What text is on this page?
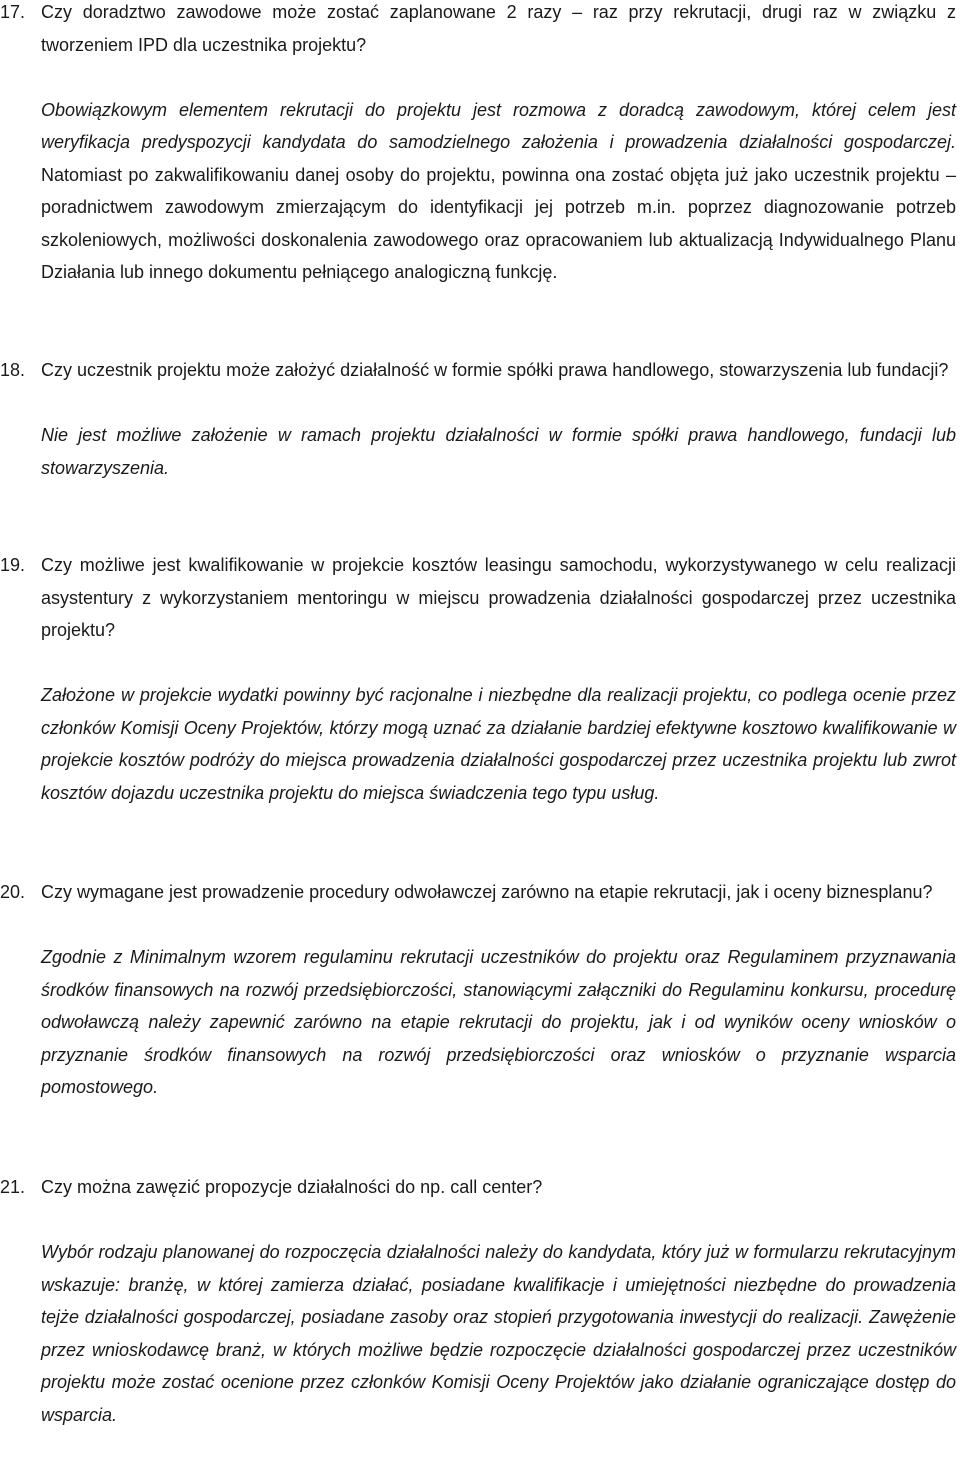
17. Czy doradztwo zawodowe może zostać zaplanowane 2 razy – raz przy rekrutacji, drugi raz w związku z tworzeniem IPD dla uczestnika projektu?
Obowiązkowym elementem rekrutacji do projektu jest rozmowa z doradcą zawodowym, której celem jest weryfikacja predyspozycji kandydata do samodzielnego założenia i prowadzenia działalności gospodarczej. Natomiast po zakwalifikowaniu danej osoby do projektu, powinna ona zostać objęta już jako uczestnik projektu – poradnictwem zawodowym zmierzającym do identyfikacji jej potrzeb m.in. poprzez diagnozowanie potrzeb szkoleniowych, możliwości doskonalenia zawodowego oraz opracowaniem lub aktualizacją Indywidualnego Planu Działania lub innego dokumentu pełniącego analogiczną funkcję.
18. Czy uczestnik projektu może założyć działalność w formie spółki prawa handlowego, stowarzyszenia lub fundacji?
Nie jest możliwe założenie w ramach projektu działalności w formie spółki prawa handlowego, fundacji lub stowarzyszenia.
19. Czy możliwe jest kwalifikowanie w projekcie kosztów leasingu samochodu, wykorzystywanego w celu realizacji asystentury z wykorzystaniem mentoringu w miejscu prowadzenia działalności gospodarczej przez uczestnika projektu?
Założone w projekcie wydatki powinny być racjonalne i niezbędne dla realizacji projektu, co podlega ocenie przez członków Komisji Oceny Projektów, którzy mogą uznać za działanie bardziej efektywne kosztowo kwalifikowanie w projekcie kosztów podróży do miejsca prowadzenia działalności gospodarczej przez uczestnika projektu lub zwrot kosztów dojazdu uczestnika projektu do miejsca świadczenia tego typu usług.
20. Czy wymagane jest prowadzenie procedury odwoławczej zarówno na etapie rekrutacji, jak i oceny biznesplanu?
Zgodnie z Minimalnym wzorem regulaminu rekrutacji uczestników do projektu oraz Regulaminem przyznawania środków finansowych na rozwój przedsiębiorczości, stanowiącymi załączniki do Regulaminu konkursu, procedurę odwoławczą należy zapewnić zarówno na etapie rekrutacji do projektu, jak i od wyników oceny wniosków o przyznanie środków finansowych na rozwój przedsiębiorczości oraz wniosków o przyznanie wsparcia pomostowego.
21. Czy można zawęzić propozycje działalności do np. call center?
Wybór rodzaju planowanej do rozpoczęcia działalności należy do kandydata, który już w formularzu rekrutacyjnym wskazuje: branżę, w której zamierza działać, posiadane kwalifikacje i umiejętności niezbędne do prowadzenia tejże działalności gospodarczej, posiadane zasoby oraz stopień przygotowania inwestycji do realizacji. Zawężenie przez wnioskodawcę branż, w których możliwe będzie rozpoczęcie działalności gospodarczej przez uczestników projektu może zostać ocenione przez członków Komisji Oceny Projektów jako działanie ograniczające dostęp do wsparcia.
